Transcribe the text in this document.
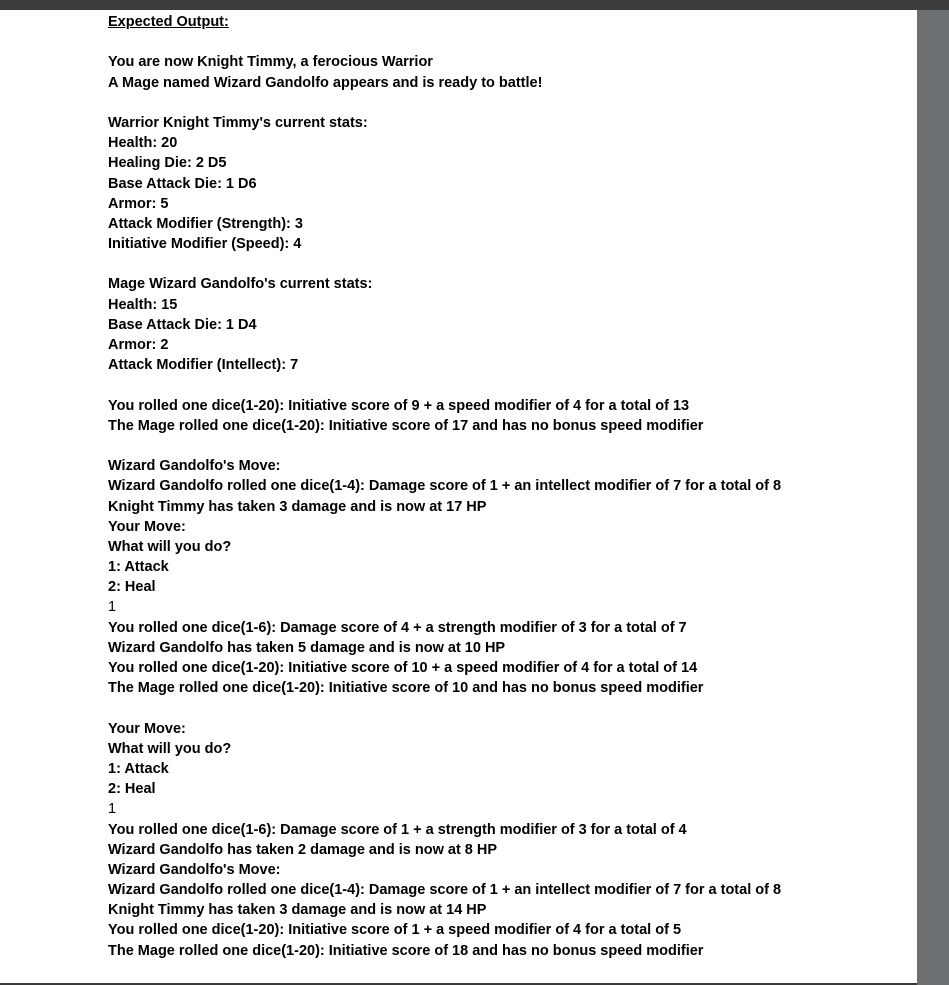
Expected Output:
You are now Knight Timmy, a ferocious Warrior
A Mage named Wizard Gandolfo appears and is ready to battle!
Warrior Knight Timmy's current stats:
Health: 20
Healing Die: 2 D5
Base Attack Die: 1 D6
Armor: 5
Attack Modifier (Strength): 3
Initiative Modifier (Speed): 4
Mage Wizard Gandolfo's current stats:
Health: 15
Base Attack Die: 1 D4
Armor: 2
Attack Modifier (Intellect): 7
You rolled one dice(1-20): Initiative score of 9 + a speed modifier of 4 for a total of 13
The Mage rolled one dice(1-20): Initiative score of 17 and has no bonus speed modifier
Wizard Gandolfo's Move:
Wizard Gandolfo rolled one dice(1-4): Damage score of 1 + an intellect modifier of 7 for a total of 8
Knight Timmy has taken 3 damage and is now at 17 HP
Your Move:
What will you do?
1: Attack
2: Heal
1
You rolled one dice(1-6): Damage score of 4 + a strength modifier of 3 for a total of 7
Wizard Gandolfo has taken 5 damage and is now at 10 HP
You rolled one dice(1-20): Initiative score of 10 + a speed modifier of 4 for a total of 14
The Mage rolled one dice(1-20): Initiative score of 10 and has no bonus speed modifier
Your Move:
What will you do?
1: Attack
2: Heal
1
You rolled one dice(1-6): Damage score of 1 + a strength modifier of 3 for a total of 4
Wizard Gandolfo has taken 2 damage and is now at 8 HP
Wizard Gandolfo's Move:
Wizard Gandolfo rolled one dice(1-4): Damage score of 1 + an intellect modifier of 7 for a total of 8
Knight Timmy has taken 3 damage and is now at 14 HP
You rolled one dice(1-20): Initiative score of 1 + a speed modifier of 4 for a total of 5
The Mage rolled one dice(1-20): Initiative score of 18 and has no bonus speed modifier
